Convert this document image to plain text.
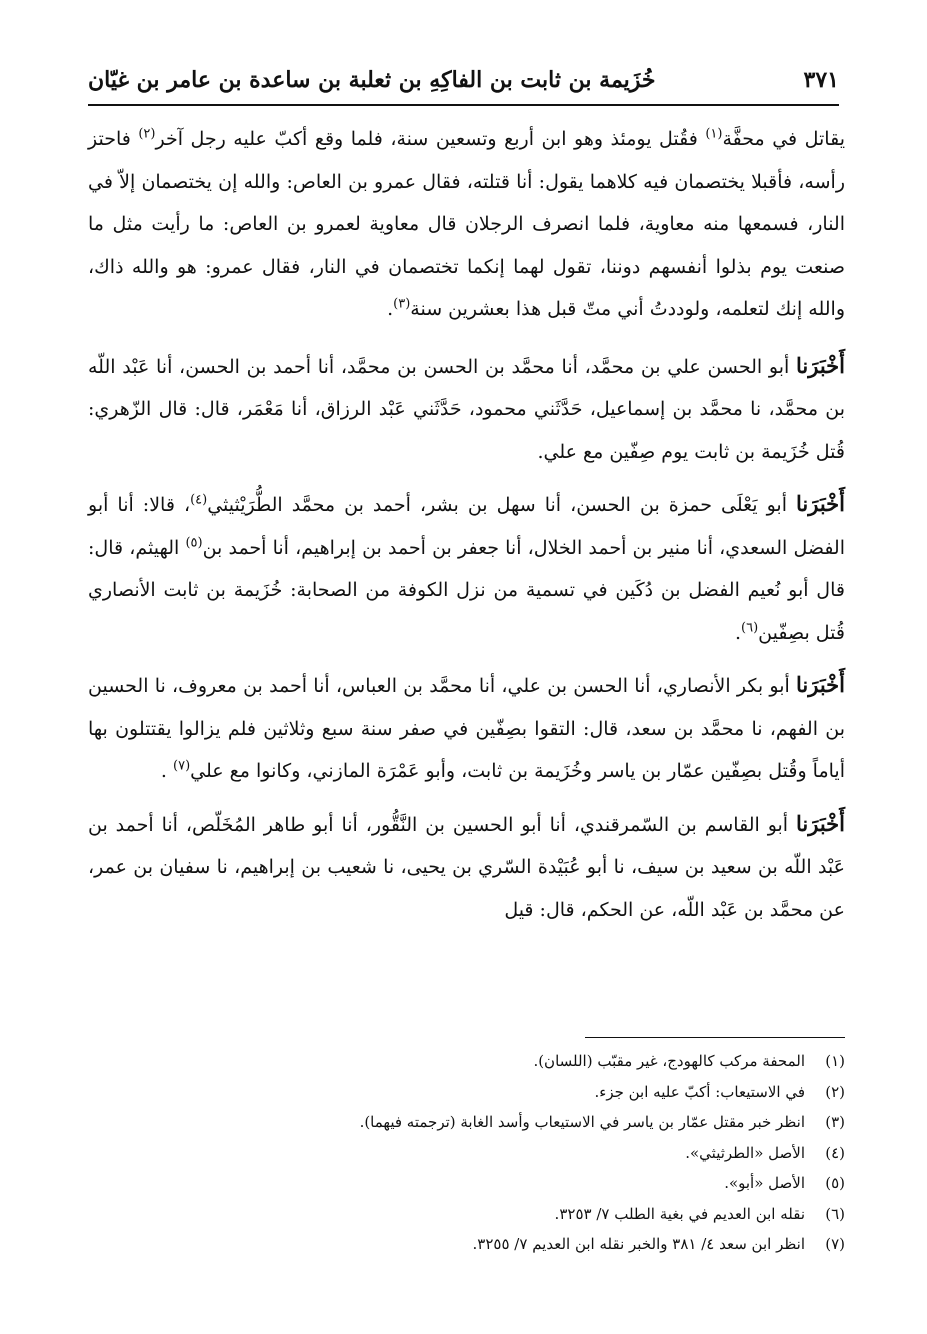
خُزَيمة بن ثابت بن الفاكِهِ بن ثعلبة بن ساعدة بن عامر بن غيّان	٣٧١

يقاتل في محفَّة$^{(١)}$ فقُتل يومئذ وهو ابن أربع وتسعين سنة، فلما وقع أكبّ عليه رجل آخر$^{(٢)}$ فاحتز رأسه، فأقبلا يختصمان فيه كلاهما يقول: أنا قتلته، فقال عمرو بن العاص: والله إن يختصمان إلاّ في النار، فسمعها منه معاوية، فلما انصرف الرجلان قال معاوية لعمرو بن العاص: ما رأيت مثل ما صنعت يوم بذلوا أنفسهم دوننا، تقول لهما إنكما تختصمان في النار، فقال عمرو: هو والله ذاك، والله إنك لتعلمه، ولوددتُ أني متّ قبل هذا بعشرين سنة$^{(٣)}$.

أَخْبَرَنا أبو الحسن علي بن محمَّد، أنا محمَّد بن الحسن بن محمَّد، أنا أحمد بن الحسن، أنا عَبْد اللّه بن محمَّد، نا محمَّد بن إسماعيل، حَدَّثَني محمود، حَدَّثَني عَبْد الرزاق، أنا مَعْمَر، قال: قال الزّهري: قُتل خُزَيمة بن ثابت يوم صِفّين مع علي.

أَخْبَرَنا أبو يَعْلَى حمزة بن الحسن، أنا سهل بن بشر، أحمد بن محمَّد الطُّرَيْثيثي$^{(٤)}$، قالا: أنا أبو الفضل السعدي، أنا منير بن أحمد الخلال، أنا جعفر بن أحمد بن إبراهيم، أنا أحمد بن$^{(٥)}$ الهيثم، قال: قال أبو نُعيم الفضل بن دُكَين في تسمية من نزل الكوفة من الصحابة: خُزَيمة بن ثابت الأنصاري قُتل بصِفّين$^{(٦)}$.

أَخْبَرَنا أبو بكر الأنصاري، أنا الحسن بن علي، أنا محمَّد بن العباس، أنا أحمد بن معروف، نا الحسين بن الفهم، نا محمَّد بن سعد، قال: التقوا بصِفّين في صفر سنة سبع وثلاثين فلم يزالوا يقتتلون بها أياماً وقُتل بصِفّين عمّار بن ياسر وخُزَيمة بن ثابت، وأبو عَمْرَة المازني، وكانوا مع علي$^{(٧)}$ .

أَخْبَرَنا أبو القاسم بن السّمرقندي، أنا أبو الحسين بن النَّقُّور، أنا أبو طاهر المُخَلّص، أنا أحمد بن عَبْد اللّه بن سعيد بن سيف، نا أبو عُبَيْدة السّري بن يحيى، نا شعيب بن إبراهيم، نا سفيان بن عمر، عن محمَّد بن عَبْد اللّه، عن الحكم، قال: قيل

(١)
المحفة مركب كالهودج، غير مقبّب (اللسان).
(٢)
في الاستيعاب: أكبّ عليه ابن جزء.
(٣)
انظر خبر مقتل عمّار بن ياسر في الاستيعاب وأسد الغابة (ترجمته فيهما).
(٤)
الأصل «الطرثيثي».
(٥)
الأصل «أبو».
(٦)
نقله ابن العديم في بغية الطلب ٧/ ٣٢٥٣.
(٧)
انظر ابن سعد ٤/ ٣٨١ والخبر نقله ابن العديم ٧/ ٣٢٥٥.
